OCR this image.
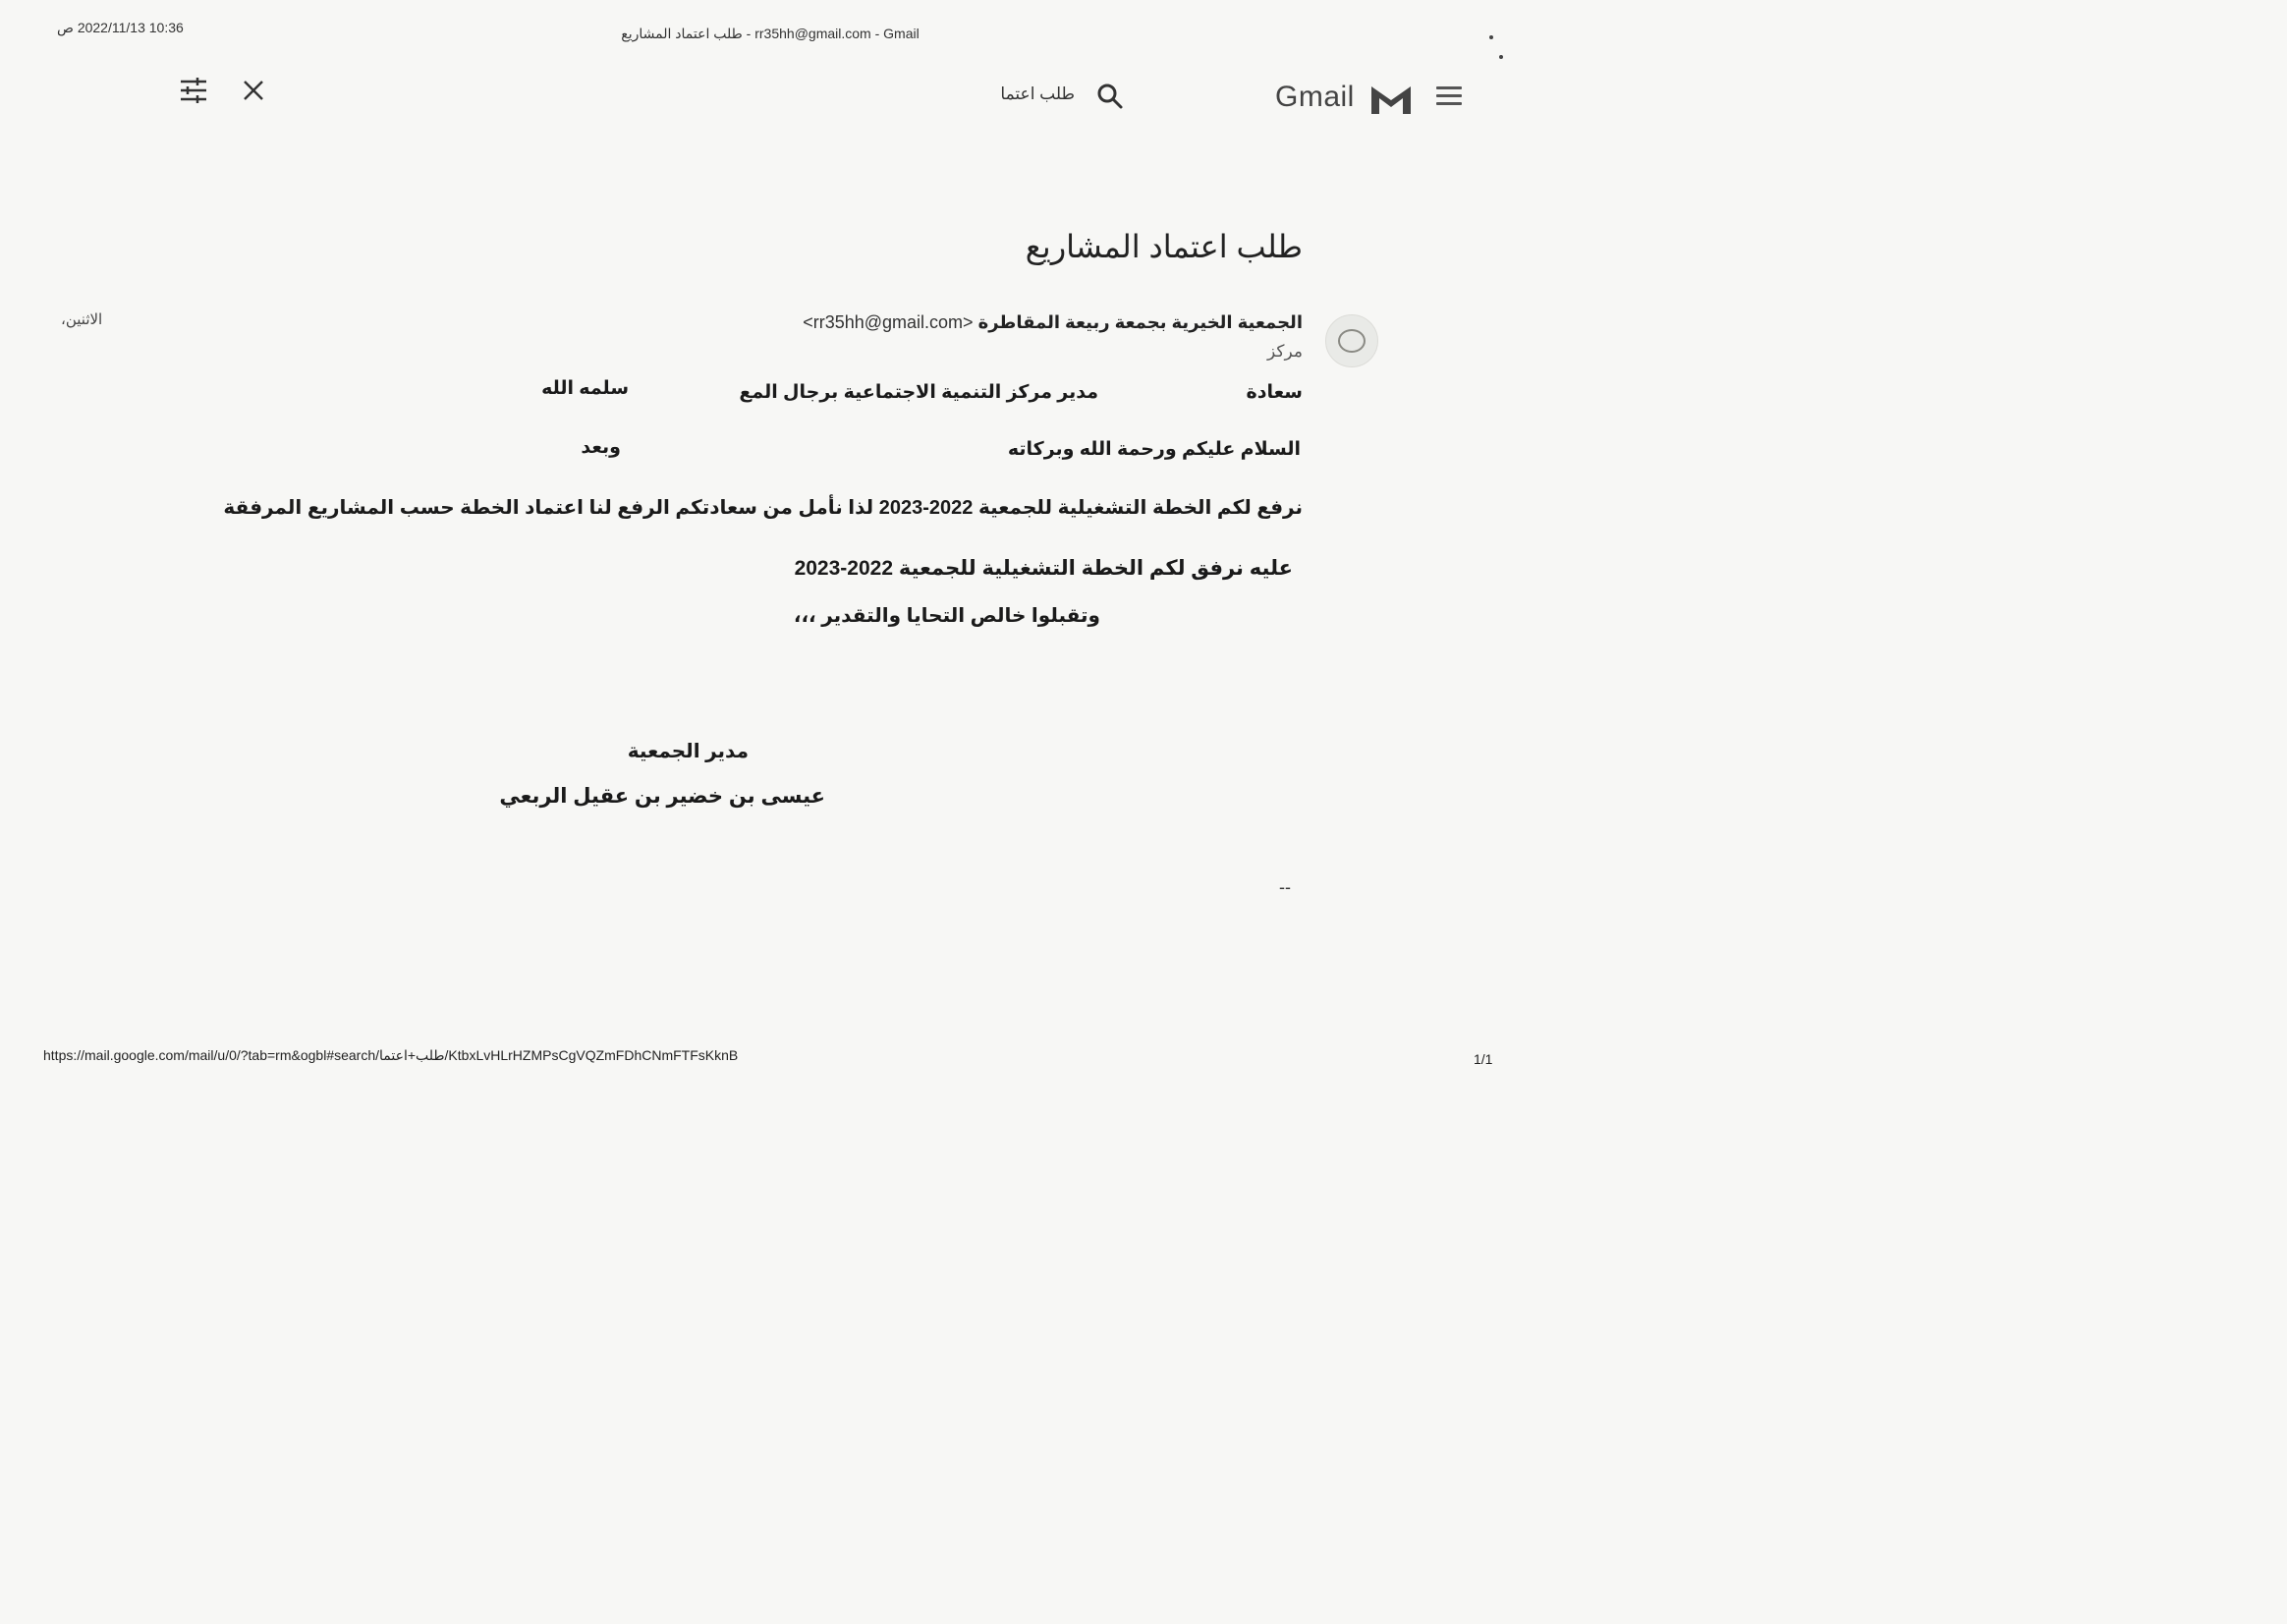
10:36 2022/11/13 ص	طلب اعتماد المشاريع - rr35hh@gmail.com - Gmail
Gmail
طلب اعتما
طلب اعتماد المشاريع
الجمعية الخيرية بجمعة ربيعة المقاطرة <rr35hh@gmail.com>
مركز
الاثنين،
سعادة
مدير مركز التنمية الاجتماعية برجال المع
سلمه الله
السلام عليكم ورحمة الله وبركاته
وبعد
نرفع لكم الخطة التشغيلية للجمعية 2022-2023 لذا نأمل من سعادتكم الرفع لنا اعتماد الخطة حسب المشاريع المرفقة
عليه نرفق لكم الخطة التشغيلية للجمعية 2022-2023
وتقبلوا خالص التحايا والتقدير ،،،
مدير الجمعية
عيسى بن خضير بن عقيل الربعي
--
https://mail.google.com/mail/u/0/?tab=rm&ogbl#search/طلب+اعتما/KtbxLvHLrHZMPsCgVQZmFDhCNmFTFsKknB	1/1
